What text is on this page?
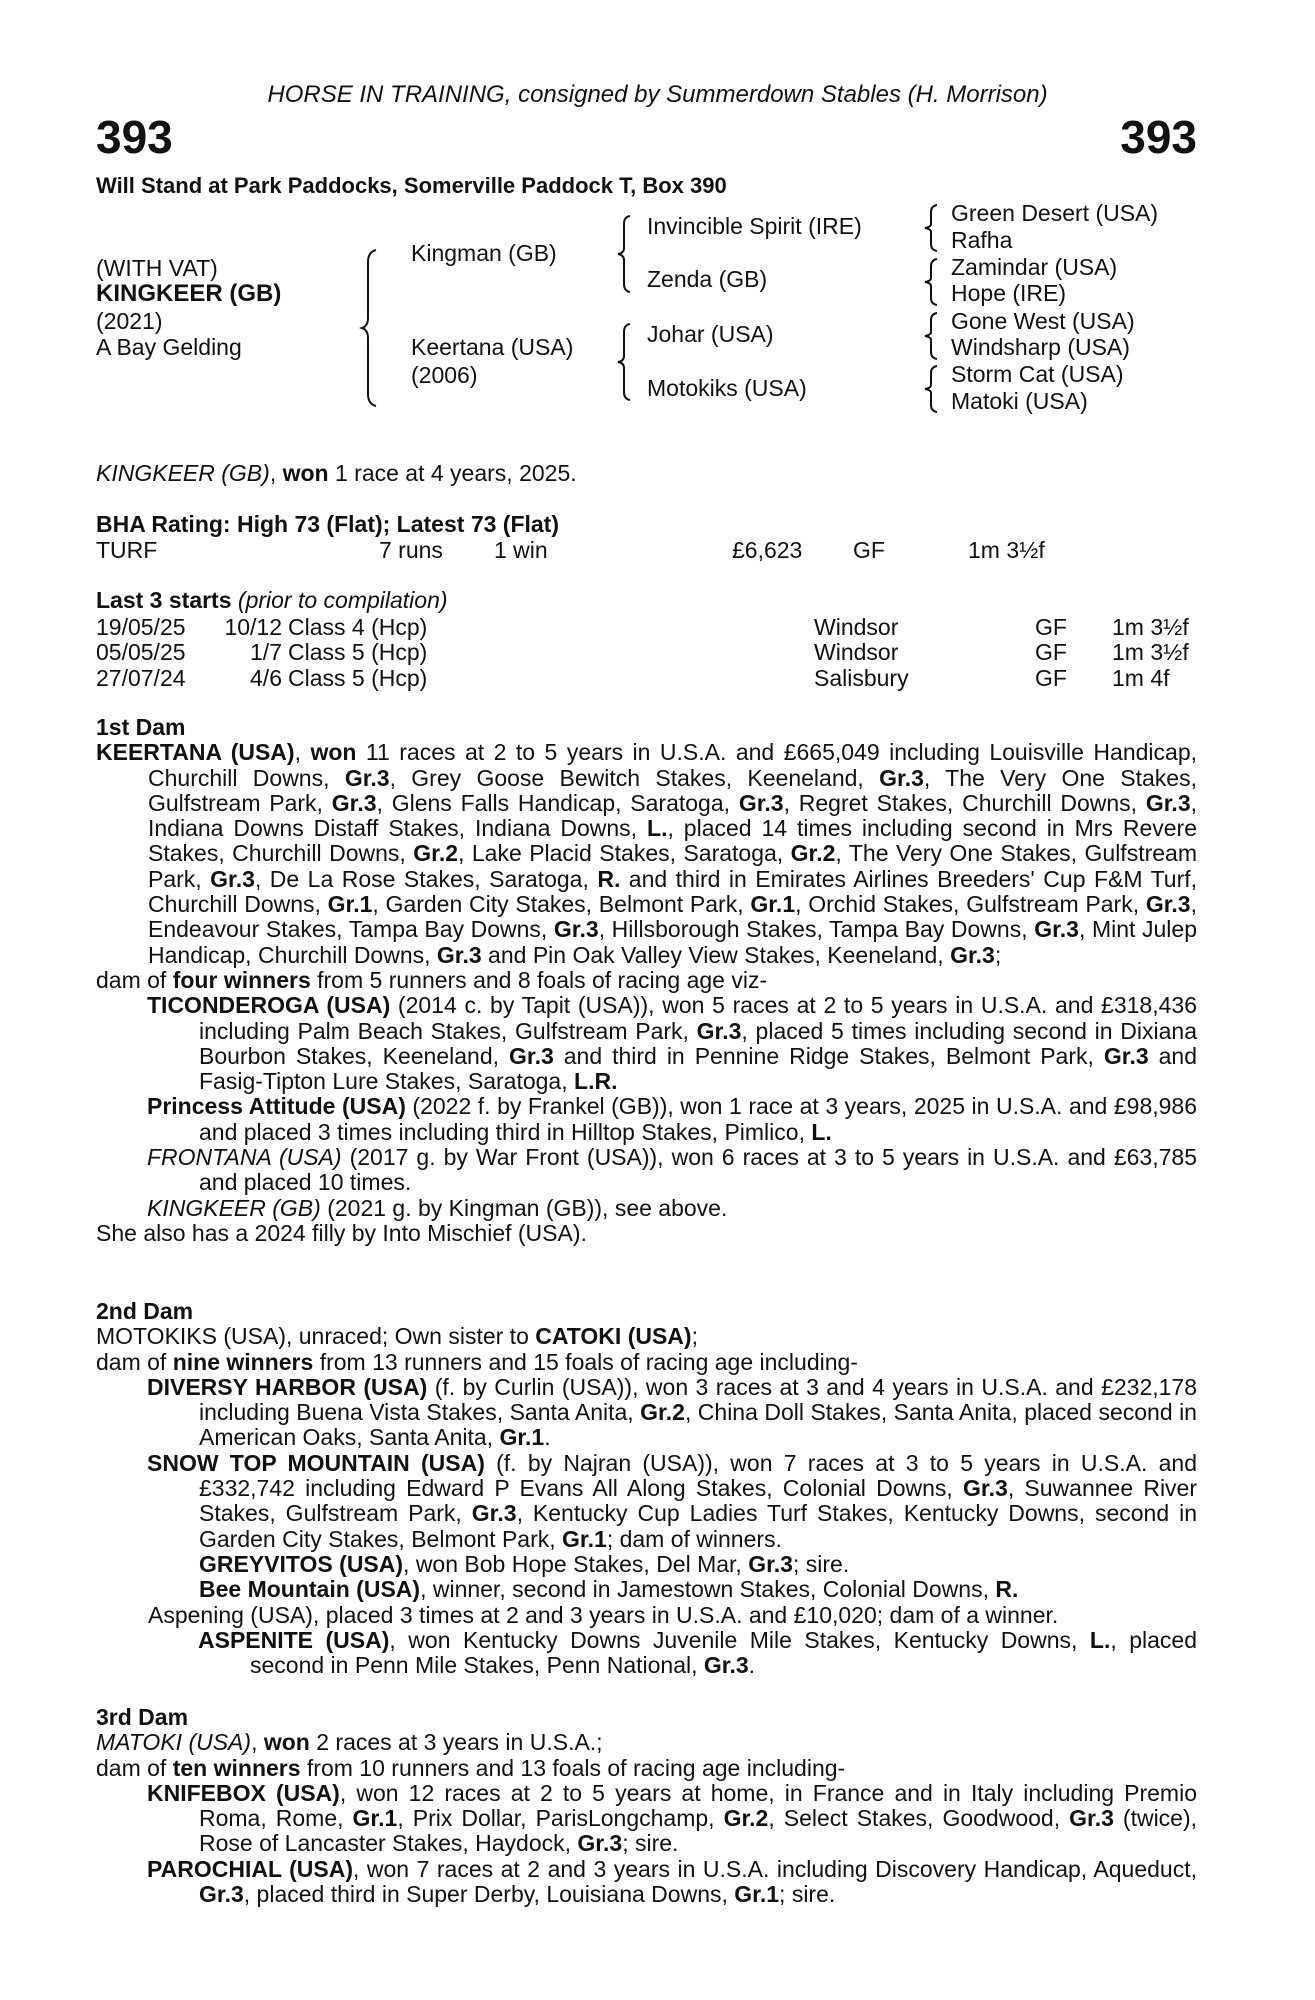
HORSE IN TRAINING, consigned by Summerdown Stables (H. Morrison)
393	393
Will Stand at Park Paddocks, Somerville Paddock T, Box 390
(WITH VAT)
KINGKEER (GB)
(2021)
A Bay Gelding
Kingman (GB)
Keertana (USA)
(2006)
Invincible Spirit (IRE)
Zenda (GB)
Johar (USA)
Motokiks (USA)
Green Desert (USA)
Rafha
Zamindar (USA)
Hope (IRE)
Gone West (USA)
Windsharp (USA)
Storm Cat (USA)
Matoki (USA)
KINGKEER (GB), won 1 race at 4 years, 2025.
BHA Rating: High 73 (Flat); Latest 73 (Flat)
TURF	7 runs 1 win	£6,623 GF	1m 3½f
Last 3 starts (prior to compilation)
19/05/25 10/12 Class 4 (Hcp)	Windsor	GF 1m 3½f
05/05/25	1/7 Class 5 (Hcp)	Windsor	GF 1m 3½f
27/07/24	4/6 Class 5 (Hcp)	Salisbury	GF 1m 4f
1st Dam
KEERTANA (USA), won 11 races at 2 to 5 years in U.S.A. and £665,049 including Louisville Handicap, Churchill Downs, Gr.3, Grey Goose Bewitch Stakes, Keeneland, Gr.3, The Very One Stakes, Gulfstream Park, Gr.3, Glens Falls Handicap, Saratoga, Gr.3, Regret Stakes, Churchill Downs, Gr.3, Indiana Downs Distaff Stakes, Indiana Downs, L., placed 14 times including second in Mrs Revere Stakes, Churchill Downs, Gr.2, Lake Placid Stakes, Saratoga, Gr.2, The Very One Stakes, Gulfstream Park, Gr.3, De La Rose Stakes, Saratoga, R. and third in Emirates Airlines Breeders' Cup F&M Turf, Churchill Downs, Gr.1, Garden City Stakes, Belmont Park, Gr.1, Orchid Stakes, Gulfstream Park, Gr.3, Endeavour Stakes, Tampa Bay Downs, Gr.3, Hillsborough Stakes, Tampa Bay Downs, Gr.3, Mint Julep Handicap, Churchill Downs, Gr.3 and Pin Oak Valley View Stakes, Keeneland, Gr.3;
dam of four winners from 5 runners and 8 foals of racing age viz-
TICONDEROGA (USA) (2014 c. by Tapit (USA)), won 5 races at 2 to 5 years in U.S.A. and £318,436 including Palm Beach Stakes, Gulfstream Park, Gr.3, placed 5 times including second in Dixiana Bourbon Stakes, Keeneland, Gr.3 and third in Pennine Ridge Stakes, Belmont Park, Gr.3 and Fasig-Tipton Lure Stakes, Saratoga, L.R.
Princess Attitude (USA) (2022 f. by Frankel (GB)), won 1 race at 3 years, 2025 in U.S.A. and £98,986 and placed 3 times including third in Hilltop Stakes, Pimlico, L.
FRONTANA (USA) (2017 g. by War Front (USA)), won 6 races at 3 to 5 years in U.S.A. and £63,785 and placed 10 times.
KINGKEER (GB) (2021 g. by Kingman (GB)), see above.
She also has a 2024 filly by Into Mischief (USA).
2nd Dam
MOTOKIKS (USA), unraced; Own sister to CATOKI (USA);
dam of nine winners from 13 runners and 15 foals of racing age including-
DIVERSY HARBOR (USA) (f. by Curlin (USA)), won 3 races at 3 and 4 years in U.S.A. and £232,178 including Buena Vista Stakes, Santa Anita, Gr.2, China Doll Stakes, Santa Anita, placed second in American Oaks, Santa Anita, Gr.1.
SNOW TOP MOUNTAIN (USA) (f. by Najran (USA)), won 7 races at 3 to 5 years in U.S.A. and £332,742 including Edward P Evans All Along Stakes, Colonial Downs, Gr.3, Suwannee River Stakes, Gulfstream Park, Gr.3, Kentucky Cup Ladies Turf Stakes, Kentucky Downs, second in Garden City Stakes, Belmont Park, Gr.1; dam of winners.
GREYVITOS (USA), won Bob Hope Stakes, Del Mar, Gr.3; sire.
Bee Mountain (USA), winner, second in Jamestown Stakes, Colonial Downs, R.
Aspening (USA), placed 3 times at 2 and 3 years in U.S.A. and £10,020; dam of a winner.
ASPENITE (USA), won Kentucky Downs Juvenile Mile Stakes, Kentucky Downs, L., placed second in Penn Mile Stakes, Penn National, Gr.3.
3rd Dam
MATOKI (USA), won 2 races at 3 years in U.S.A.;
dam of ten winners from 10 runners and 13 foals of racing age including-
KNIFEBOX (USA), won 12 races at 2 to 5 years at home, in France and in Italy including Premio Roma, Rome, Gr.1, Prix Dollar, ParisLongchamp, Gr.2, Select Stakes, Goodwood, Gr.3 (twice), Rose of Lancaster Stakes, Haydock, Gr.3; sire.
PAROCHIAL (USA), won 7 races at 2 and 3 years in U.S.A. including Discovery Handicap, Aqueduct, Gr.3, placed third in Super Derby, Louisiana Downs, Gr.1; sire.
